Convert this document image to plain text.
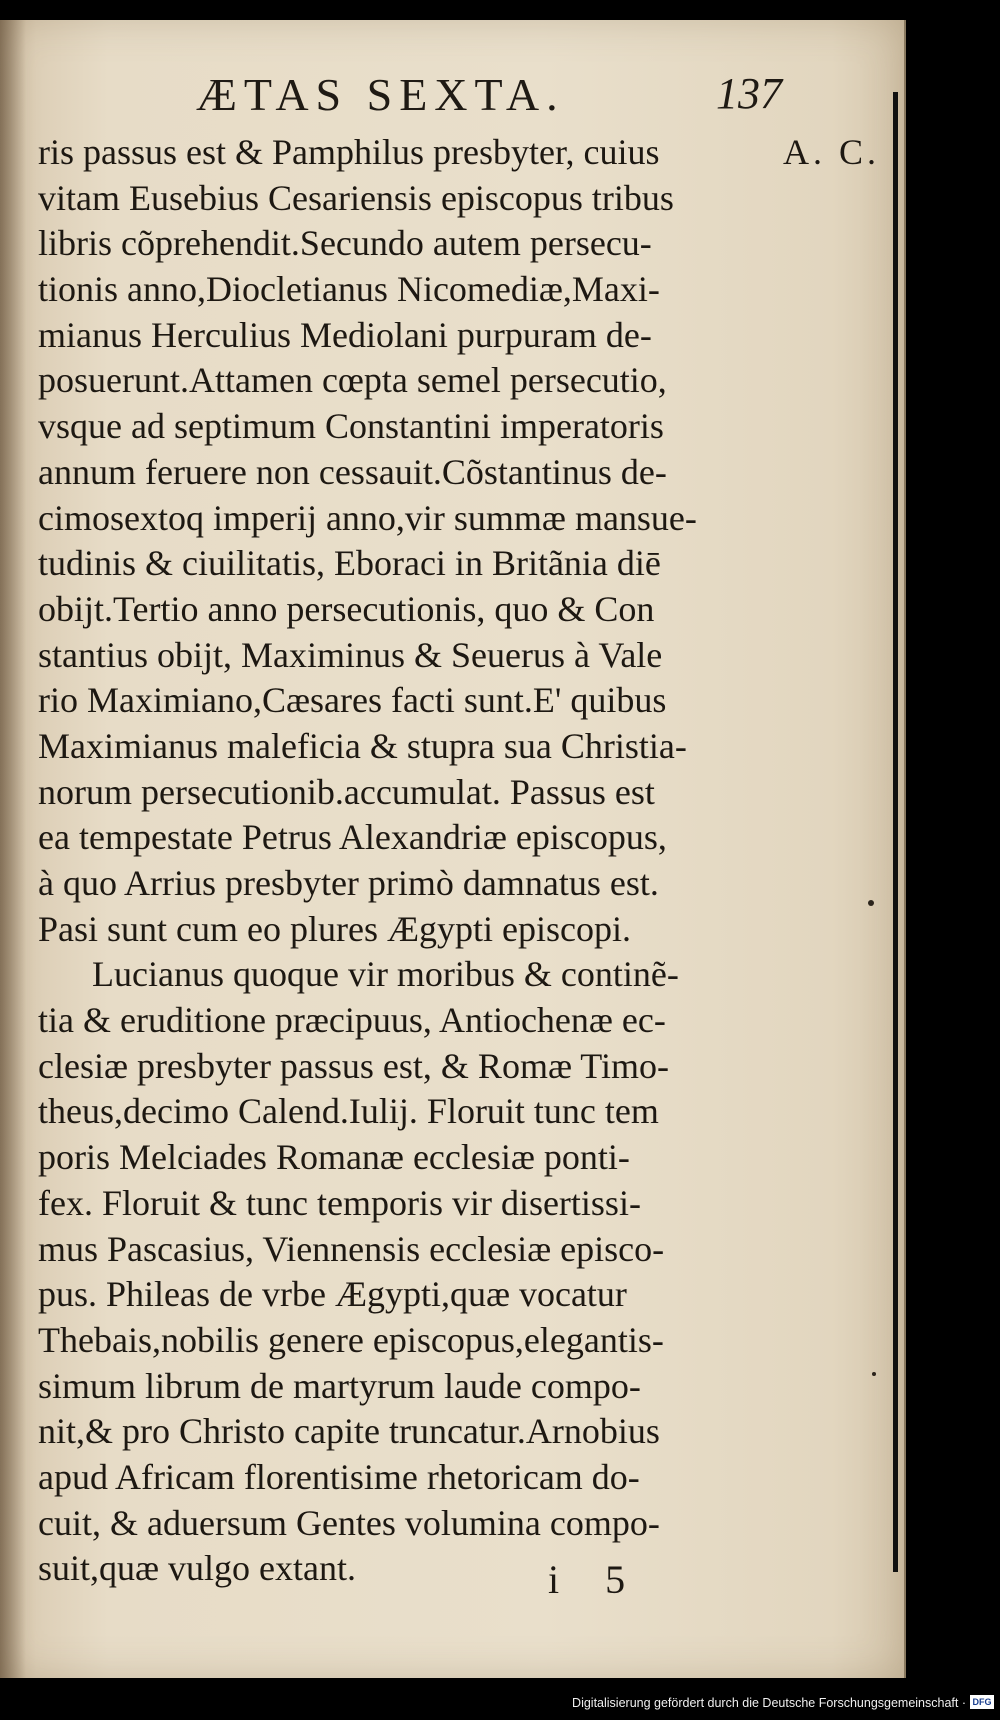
ÆTAS SEXTA.	137
A. C.
ris passus est & Pamphilus presbyter, cuius
vitam Eusebius Cesariensis episcopus tribus
libris cõprehendit.Secundo autem persecu-
tionis anno,Diocletianus Nicomediæ,Maxi-
mianus Herculius Mediolani purpuram de-
posuerunt.Attamen cœpta semel persecutio,
vsque ad septimum Constantini imperatoris
annum feruere non cessauit.Cõstantinus de-
cimosextoq imperij anno,vir summæ mansue-
tudinis & ciuilitatis, Eboraci in Britãnia diē
obijt.Tertio anno persecutionis, quo & Con
stantius obijt, Maximinus & Seuerus à Vale
rio Maximiano,Cæsares facti sunt.E' quibus
Maximianus maleficia & stupra sua Christia-
norum persecutionib.accumulat. Passus est
ea tempestate Petrus Alexandriæ episcopus,
à quo Arrius presbyter primò damnatus est.
Pasi sunt cum eo plures Ægypti episcopi.
Lucianus quoque vir moribus & continẽ-
tia & eruditione præcipuus, Antiochenæ ec-
clesiæ presbyter passus est, & Romæ Timo-
theus,decimo Calend.Iulij. Floruit tunc tem
poris Melciades Romanæ ecclesiæ ponti-
fex. Floruit & tunc temporis vir disertissi-
mus Pascasius, Viennensis ecclesiæ episco-
pus. Phileas de vrbe Ægypti,quæ vocatur
Thebais,nobilis genere episcopus,elegantis-
simum librum de martyrum laude compo-
nit,& pro Christo capite truncatur.Arnobius
apud Africam florentisime rhetoricam do-
cuit, & aduersum Gentes volumina compo-
suit,quæ vulgo extant.	i 5
Digitalisierung gefördert durch die Deutsche Forschungsgemeinschaft · DFG
